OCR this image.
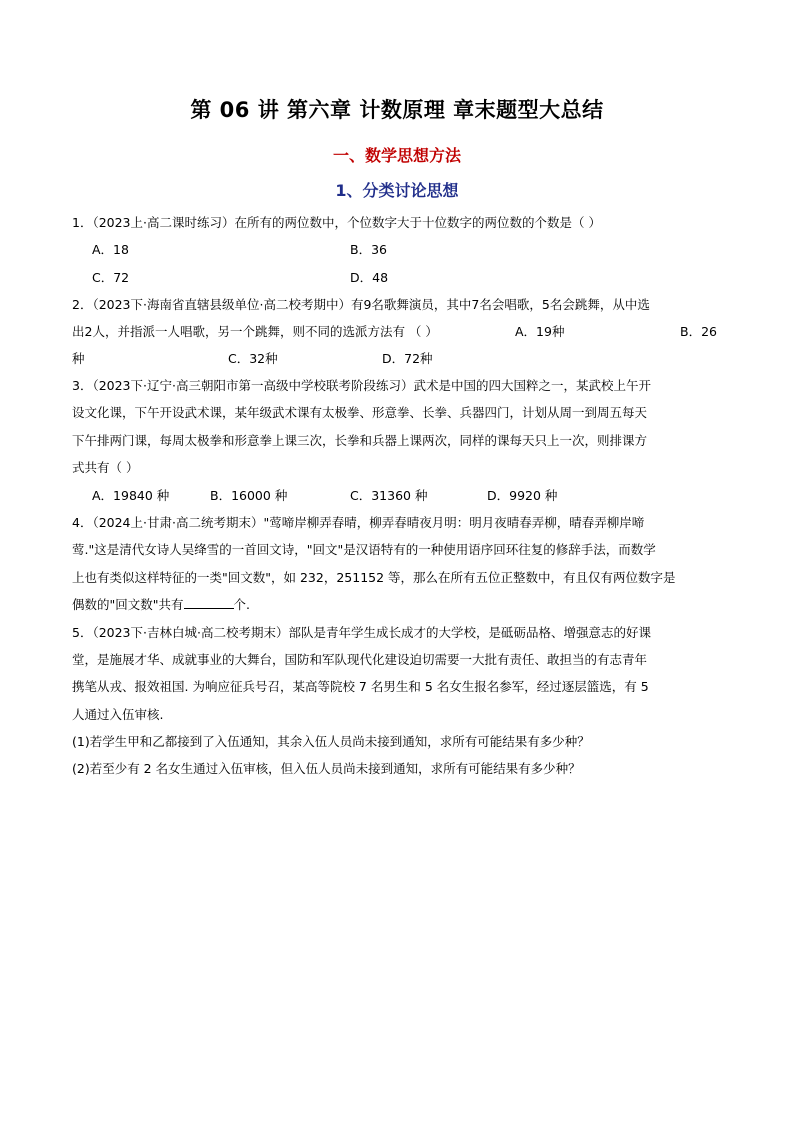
第 06 讲 第六章 计数原理 章末题型大总结
一、数学思想方法
1、分类讨论思想
1．（2023上·高二课时练习）在所有的两位数中，个位数字大于十位数字的两位数的个数是（ ）
A．18	B．36
C．72	D．48
2．（2023下·海南省直辖县级单位·高二校考期中）有9名歌舞演员，其中7名会唱歌，5名会跳舞，从中选
出2人，并指派一人唱歌，另一个跳舞，则不同的选派方法有 （ ）	A．19种	B．26
种	C．32种	D．72种
3．（2023下·辽宁·高三朝阳市第一高级中学校联考阶段练习）武术是中国的四大国粹之一，某武校上午开
设文化课，下午开设武术课，某年级武术课有太极拳、形意拳、长拳、兵器四门，计划从周一到周五每天
下午排两门课，每周太极拳和形意拳上课三次，长拳和兵器上课两次，同样的课每天只上一次，则排课方
式共有（ ）
A．19840 种	B．16000 种	C．31360 种	D．9920 种
4．（2024上·甘肃·高二统考期末）"莺啼岸柳弄春晴，柳弄春晴夜月明：明月夜晴春弄柳，晴春弄柳岸啼
莺."这是清代女诗人吴绛雪的一首回文诗，"回文"是汉语特有的一种使用语序回环往复的修辞手法，而数学
上也有类似这样特征的一类"回文数"，如 232，251152 等，那么在所有五位正整数中，有且仅有两位数字是
偶数的"回文数"共有	个.
5．（2023下·吉林白城·高二校考期末）部队是青年学生成长成才的大学校，是砥砺品格、增强意志的好课
堂，是施展才华、成就事业的大舞台，国防和军队现代化建设迫切需要一大批有责任、敢担当的有志青年
携笔从戎、报效祖国. 为响应征兵号召，某高等院校 7 名男生和 5 名女生报名参军，经过逐层篮选，有 5
人通过入伍审核.
(1)若学生甲和乙都接到了入伍通知，其余入伍人员尚未接到通知，求所有可能结果有多少种？
(2)若至少有 2 名女生通过入伍审核，但入伍人员尚未接到通知，求所有可能结果有多少种？
